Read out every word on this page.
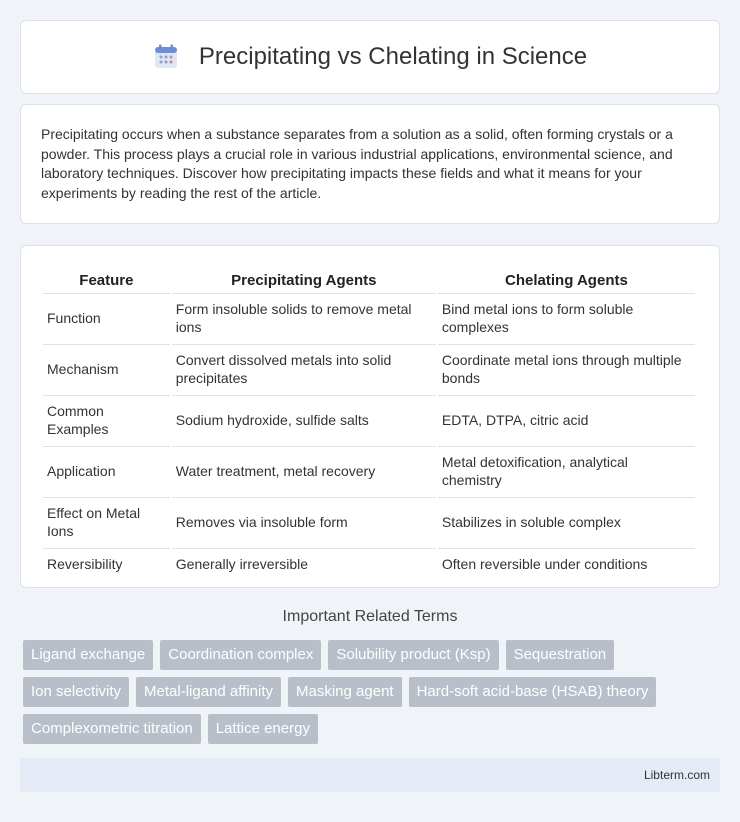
Precipitating vs Chelating in Science

Precipitating occurs when a substance separates from a solution as a solid, often forming crystals or a powder. This process plays a crucial role in various industrial applications, environmental science, and laboratory techniques. Discover how precipitating impacts these fields and what it means for your experiments by reading the rest of the article.

Feature	Precipitating Agents	Chelating Agents
Function	Form insoluble solids to remove metal ions	Bind metal ions to form soluble complexes
Mechanism	Convert dissolved metals into solid precipitates	Coordinate metal ions through multiple bonds
Common Examples	Sodium hydroxide, sulfide salts	EDTA, DTPA, citric acid
Application	Water treatment, metal recovery	Metal detoxification, analytical chemistry
Effect on Metal Ions	Removes via insoluble form	Stabilizes in soluble complex
Reversibility	Generally irreversible	Often reversible under conditions
Important Related Terms
Ligand exchange	Coordination complex	Solubility product (Ksp)	Sequestration
Ion selectivity	Metal-ligand affinity	Masking agent	Hard-soft acid-base (HSAB) theory
Complexometric titration	Lattice energy
Libterm.com
